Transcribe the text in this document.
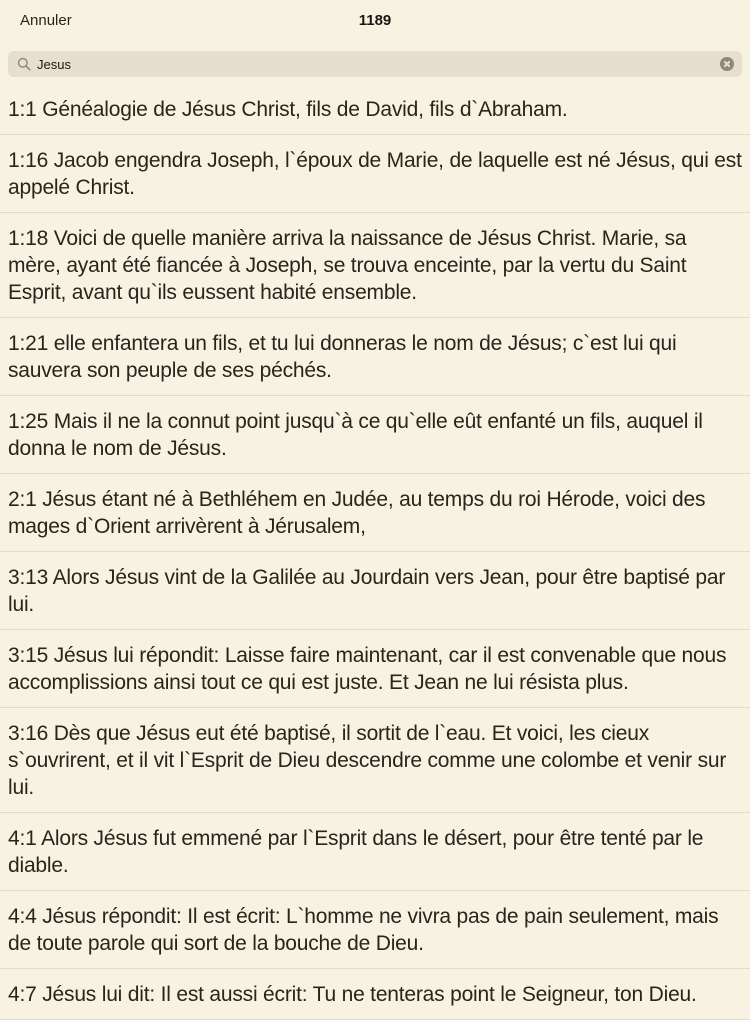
Annuler	1189
Jesus
1:1 Généalogie de Jésus Christ, fils de David, fils d`Abraham.
1:16 Jacob engendra Joseph, l`époux de Marie, de laquelle est né Jésus, qui est appelé Christ.
1:18 Voici de quelle manière arriva la naissance de Jésus Christ. Marie, sa mère, ayant été fiancée à Joseph, se trouva enceinte, par la vertu du Saint Esprit, avant qu`ils eussent habité ensemble.
1:21 elle enfantera un fils, et tu lui donneras le nom de Jésus; c`est lui qui sauvera son peuple de ses péchés.
1:25 Mais il ne la connut point jusqu`à ce qu`elle eût enfanté un fils, auquel il donna le nom de Jésus.
2:1 Jésus étant né à Bethléhem en Judée, au temps du roi Hérode, voici des mages d`Orient arrivèrent à Jérusalem,
3:13 Alors Jésus vint de la Galilée au Jourdain vers Jean, pour être baptisé par lui.
3:15 Jésus lui répondit: Laisse faire maintenant, car il est convenable que nous accomplissions ainsi tout ce qui est juste. Et Jean ne lui résista plus.
3:16 Dès que Jésus eut été baptisé, il sortit de l`eau. Et voici, les cieux s`ouvrirent, et il vit l`Esprit de Dieu descendre comme une colombe et venir sur lui.
4:1 Alors Jésus fut emmené par l`Esprit dans le désert, pour être tenté par le diable.
4:4 Jésus répondit: Il est écrit: L`homme ne vivra pas de pain seulement, mais de toute parole qui sort de la bouche de Dieu.
4:7 Jésus lui dit: Il est aussi écrit: Tu ne tenteras point le Seigneur, ton Dieu.
